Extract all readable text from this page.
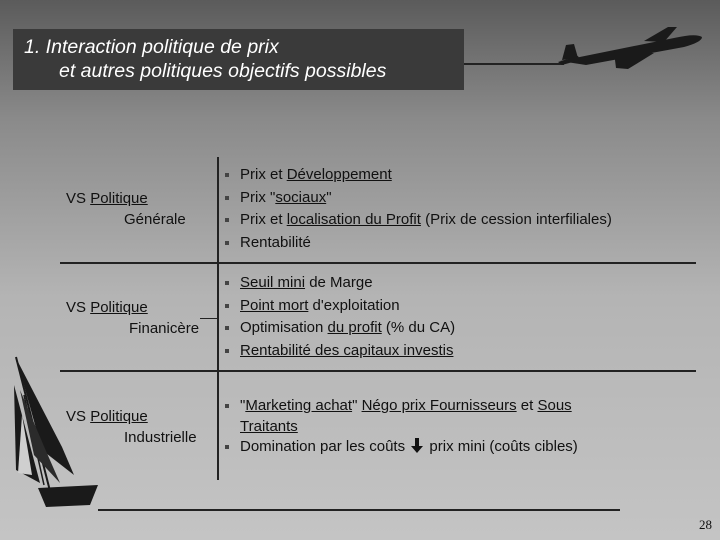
1. Interaction politique de prix
et autres politiques objectifs possibles
VS Politique
Générale
Prix et Développement
Prix "sociaux"
Prix et localisation du Profit (Prix de cession interfiliales)
Rentabilité
VS Politique
Finanicère
Seuil mini de Marge
Point mort d'exploitation
Optimisation du profit (% du CA)
Rentabilité des capitaux investis
VS Politique
Industrielle
"Marketing achat" Négo prix Fournisseurs et Sous
Traitants
Domination par les coûts  prix mini (coûts cibles)
28
